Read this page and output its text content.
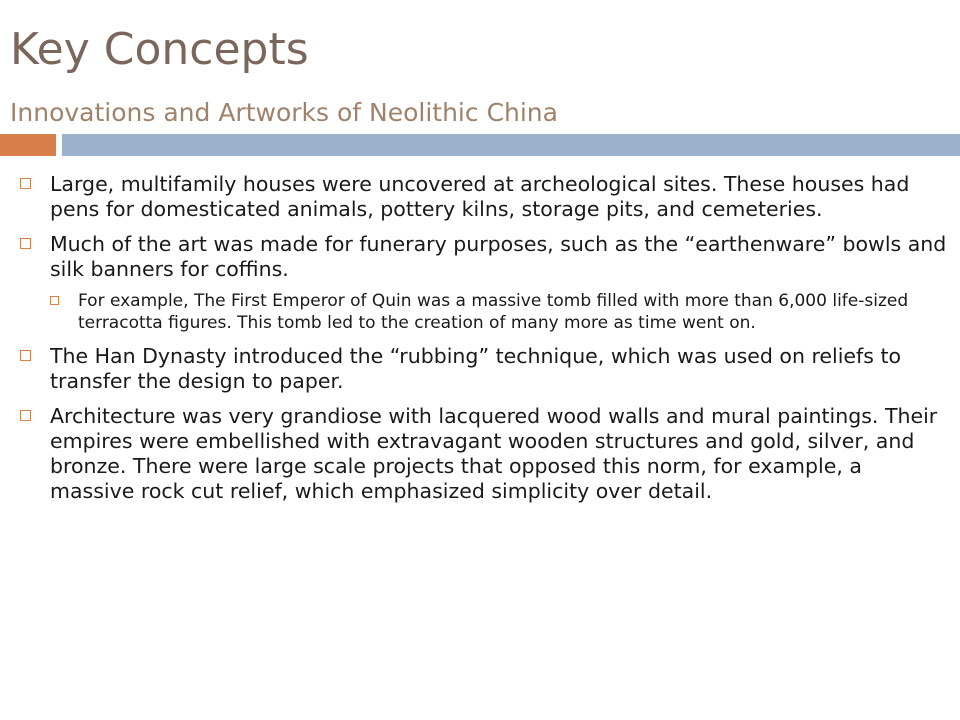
Key Concepts
Innovations and Artworks of Neolithic China
Large, multifamily houses were uncovered at archeological sites. These houses had pens for domesticated animals, pottery kilns, storage pits, and cemeteries.
Much of the art was made for funerary purposes, such as the “earthenware” bowls and silk banners for coffins.
For example, The First Emperor of Quin was a massive tomb filled with more than 6,000 life-sized terracotta figures. This tomb led to the creation of many more as time went on.
The Han Dynasty introduced the “rubbing” technique, which was used on reliefs to transfer the design to paper.
Architecture was very grandiose with lacquered wood walls and mural paintings. Their empires were embellished with extravagant wooden structures and gold, silver, and bronze. There were large scale projects that opposed this norm, for example, a massive rock cut relief, which emphasized simplicity over detail.
